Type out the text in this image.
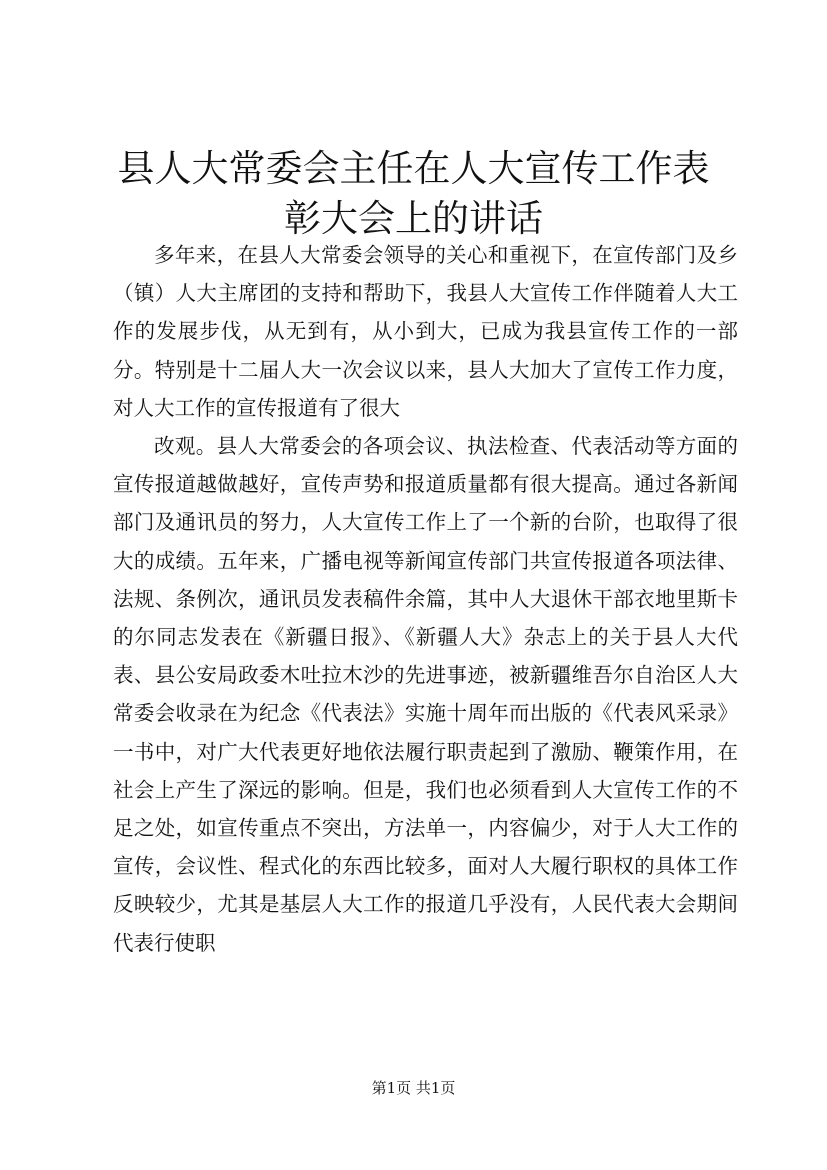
县人大常委会主任在人大宣传工作表彰大会上的讲话

多年来，在县人大常委会领导的关心和重视下，在宣传部门及乡（镇）人大主席团的支持和帮助下，我县人大宣传工作伴随着人大工作的发展步伐，从无到有，从小到大，已成为我县宣传工作的一部分。特别是十二届人大一次会议以来，县人大加大了宣传工作力度，对人大工作的宣传报道有了很大

改观。县人大常委会的各项会议、执法检查、代表活动等方面的宣传报道越做越好，宣传声势和报道质量都有很大提高。通过各新闻部门及通讯员的努力，人大宣传工作上了一个新的台阶，也取得了很大的成绩。五年来，广播电视等新闻宣传部门共宣传报道各项法律、法规、条例次，通讯员发表稿件余篇，其中人大退休干部衣地里斯卡的尔同志发表在《新疆日报》、《新疆人大》杂志上的关于县人大代表、县公安局政委木吐拉木沙的先进事迹，被新疆维吾尔自治区人大常委会收录在为纪念《代表法》实施十周年而出版的《代表风采录》一书中，对广大代表更好地依法履行职责起到了激励、鞭策作用，在社会上产生了深远的影响。但是，我们也必须看到人大宣传工作的不足之处，如宣传重点不突出，方法单一，内容偏少，对于人大工作的宣传，会议性、程式化的东西比较多，面对人大履行职权的具体工作反映较少，尤其是基层人大工作的报道几乎没有，人民代表大会期间代表行使职

第1页 共1页
